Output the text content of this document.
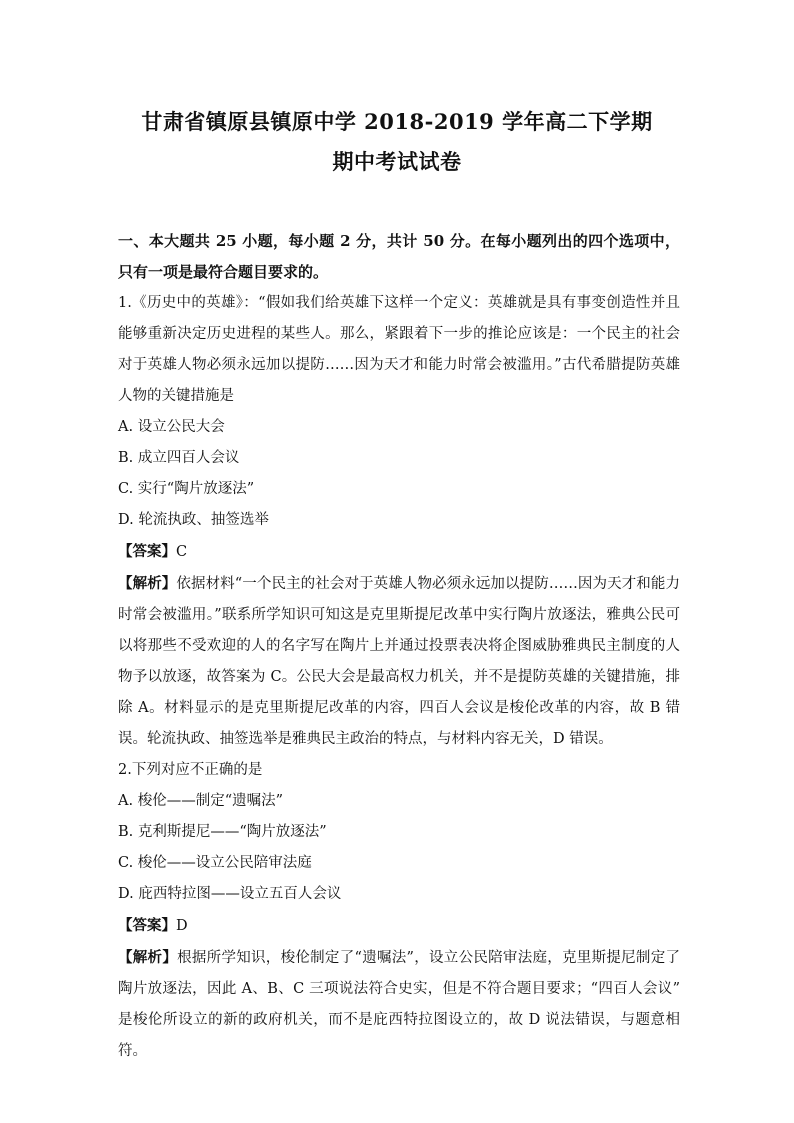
甘肃省镇原县镇原中学 2018-2019 学年高二下学期
期中考试试卷

一、本大题共 25 小题，每小题 2 分，共计 50 分。在每小题列出的四个选项中，只有一项是最符合题目要求的。

1.《历史中的英雄》：“假如我们给英雄下这样一个定义：英雄就是具有事变创造性并且能够重新决定历史进程的某些人。那么，紧跟着下一步的推论应该是：一个民主的社会对于英雄人物必须永远加以提防……因为天才和能力时常会被滥用。”古代希腊提防英雄人物的关键措施是

A. 设立公民大会

B. 成立四百人会议

C. 实行“陶片放逐法”

D. 轮流执政、抽签选举

【答案】C

【解析】依据材料“一个民主的社会对于英雄人物必须永远加以提防……因为天才和能力时常会被滥用。”联系所学知识可知这是克里斯提尼改革中实行陶片放逐法，雅典公民可以将那些不受欢迎的人的名字写在陶片上并通过投票表决将企图威胁雅典民主制度的人物予以放逐，故答案为 C。公民大会是最高权力机关，并不是提防英雄的关键措施，排除 A。材料显示的是克里斯提尼改革的内容，四百人会议是梭伦改革的内容，故 B 错误。轮流执政、抽签选举是雅典民主政治的特点，与材料内容无关，D 错误。

2.下列对应不正确的是

A. 梭伦——制定“遗嘱法”

B. 克利斯提尼——“陶片放逐法”

C. 梭伦——设立公民陪审法庭

D. 庇西特拉图——设立五百人会议

【答案】D

【解析】根据所学知识，梭伦制定了“遗嘱法”，设立公民陪审法庭，克里斯提尼制定了陶片放逐法，因此 A、B、C 三项说法符合史实，但是不符合题目要求；“四百人会议” 是梭伦所设立的新的政府机关，而不是庇西特拉图设立的，故 D 说法错误，与题意相符。
